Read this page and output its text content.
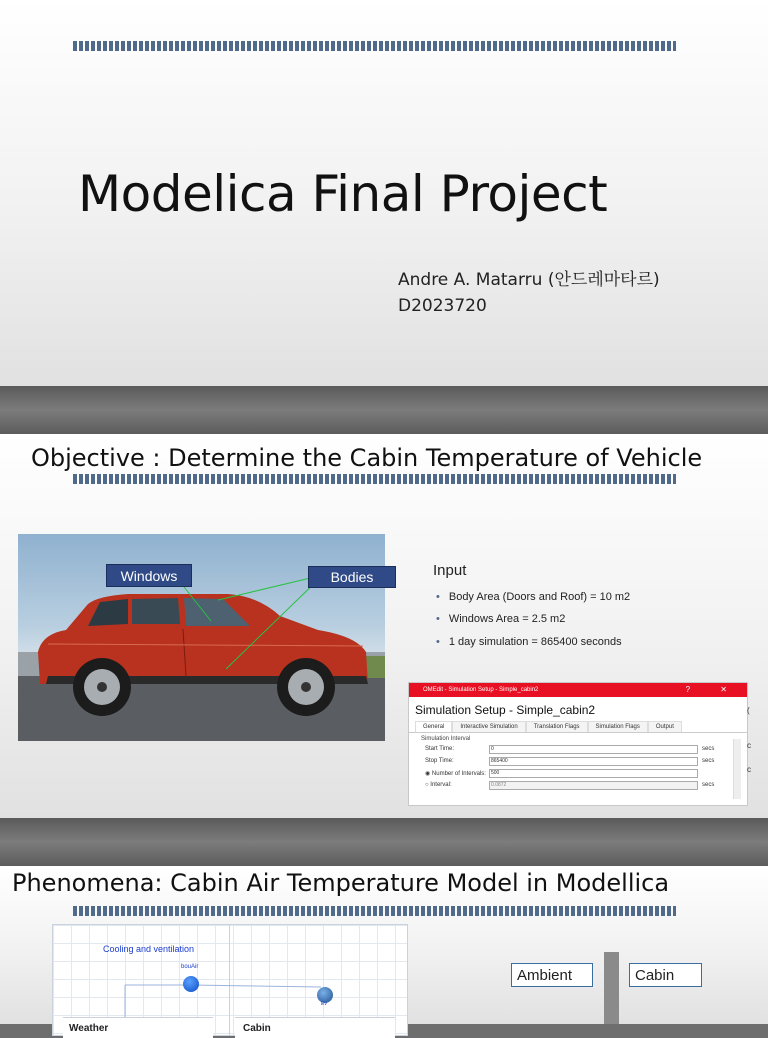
Modelica Final Project
Andre A. Matarru (안드레마타르)
D2023720
Objective : Determine the Cabin Temperature of Vehicle
Windows	Bodies	Input
• Body Area (Doors and Roof) = 10 m2
• Windows Area = 2.5 m2
• 1 day simulation = 865400 seconds
OMEdit - Simulation Setup - Simple_cabin2	? ✕
Simulation Setup - Simple_cabin2
General	Interactive Simulation	Translation Flags	Simulation Flags	Output
Simulation Interval
Start Time:	0	secs
Stop Time:	865400	secs
◉ Number of Intervals:	500
○ Interval:	0.0872	secs
(
c
c
Phenomena: Cabin Air Temperature Model in Modellica
Cooling and ventilation
bouAir
Ev
Weather	Cabin
Ambient	Cabin
